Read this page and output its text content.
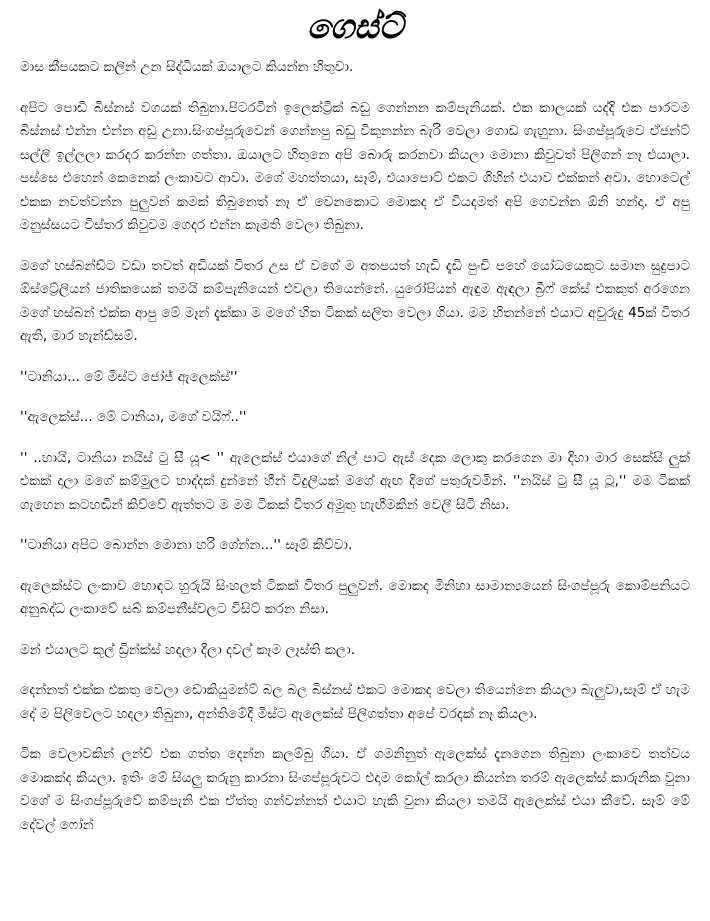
ගෙස්ට්

මාස කීපයකට කලින් උන සිද්ධියක් ඔයාලට කියන්න හිතුවා.

අපිට පොඩි බිස්නස් වගයක් තිබුනා.පිටරටින් ඉලෙක්ට්‍රික් බඩු ගෙන්නන කම්පැනියක්. එක කාලයක් යද්දි එක පාරටම බිස්නස් එන්න එන්න අඩු උනා.සිංගප්පූරුවෙන් ගෙන්නපු බඩු විකුනන්න බැරි වෙලා ගොඩ ගැහුනා. සිංගප්පූරුවෙ ඒජන්ට් සල්ලි ඉල්ලලා කරදර කරන්න ගත්තා. ඔයාලට හිතුනෙ අපි බොරු කරනවා කියලා මොනා කිවුවත් පිලිගන් නෑ එයාලා. පස්සෙ එහෙන් කෙනෙක් ලංකාවට ආවා. මගේ මහත්තයා, සෑම්, එයාපොට් එකට ගිහින් එයාව එක්කන් අවා. හොටෙල් එකක නවත්වන්න පුලුවන් කමක් තිබුනෙත් නෑ ඒ වෙනකොට මොකද ඒ වියදමත් අපි ගෙවන්න ඕනි හන්දා. ඒ අපු මනුස්සයට විස්තර කිවුවම ගෙදර එන්න කැමති වෙලා තිබුනා.

මගේ හස්බන්ඩ්ට වඩා තවත් අඩියක් විතර උස ඒ වගේ ම අතපයත් හැඩි දැඩි පුංචි පහේ යෝධයෙකුට සමාන සුදුපාට ඕස්ට්‍රේලියන් ජාතිකයෙක් තමයි කම්පැනියෙන් එවලා තියෙන්නේ. යුරෝපියන් ඇඳුම ඇඳලා බ්‍රීෆ් කේස් එකකුත් අරගෙන මගේ හස්බන් එක්ක ආපු මේ මෑන් දැක්කා ම මගේ හිත ටිකක් සලිත වෙලා ගියා. මම හිතන්නේ එයාට අවුරුදු 45ක් විතර ඇති, මාර හැන්ඩ්සම්.

''ටානියා... මේ මිස්ට ජෝජ් ඇලෙක්ස්''

''ඇලෙක්ස්... මේ ටානියා, මගේ වයිෆ්..''

'' ..හායි, ටානියා නයිස් ටු සී යූ< '' ඇලෙක්ස් එයාගේ නිල් පාට ඇස් දෙක ලොකු කරගෙන මා දිහා මාර සෙක්සි ලුක් එකක් දාලා මගේ කම්මුලට හාද්දක් දුන්නේ හීන් විදුලියක් මගේ ඇඟ දිගේ පතුරුවමින්. ''නයිස් ටු සී යූ ටූ,'' මම ටිකක් ගැහෙන කටහඬින් කිව්වේ ඇත්තට ම මම ටිකක් විතර අමුතු හැඟීමකින් වෙලී සිටි නිසා.

''ටානියා අපිට බොන්න මොනා හරි ගේන්න...'' සෑම් කිව්වා.

ඇලෙක්ස්ට ලංකාව හොඳට හුරුයි සිංහලත් ටිකක් විතර පුලුවන්. මොකද මිනිහා සාමාන්‍යයෙන් සිංගප්පූරු කොම්පනියට අනුබද්ධ ලංකාවේ සබ් කම්පනීස්වලට විසිට් කරන නිසා.

මන් එයාලට කූල් ඩ්‍රින්ක්ස් හදලා දීලා දවල් කෑම ලෑස්ති කලා.

දෙන්නත් එක්ක එකතු වෙලා ඩොකියුමන්ට් බල බල බිස්නස් එකට මොකද වෙලා තියෙන්නෙ කියලා බැලුවා,සෑම් ඒ හැම දේ ම පිලිවෙලට හදලා තිබුනා, අන්තිමේදී මිස්ට ඇලෙක්ස් පිලිගත්තා අපේ වරදක් නෑ කියලා.

ටික වෙලාවකින් ලන්ච් එක ගත්ත දෙන්න කලම්බු ගියා. ඒ ගමනිනුත් ඇලෙක්ස් දැනගෙන තිබුනා ලංකාවෙ තත්වය මොකක්ද කියලා. ඉතිං මේ සියලු කරුනු කාරනා සිංගප්පූරුවට එදාම කෝල් කරලා කියන්න තරම් ඇලෙක්ස් කාරුනික වුනා වගේ ම සිංගප්පූරුවේ කම්පැනි එක ඒත්තු ගන්වන්නත් එයාට හැකි වුනා කියලා තමයි ඇලෙක්ස් එයා කීවේ. සෑම් මේ දේවල් ෆෝන්
